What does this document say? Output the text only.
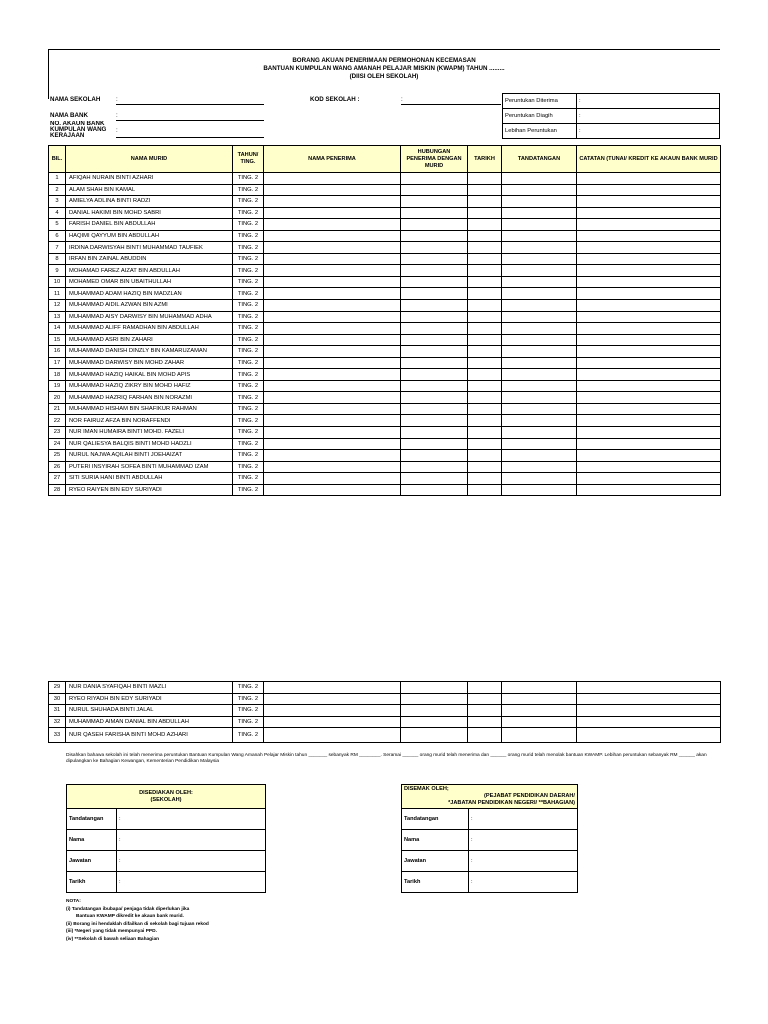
BORANG AKUAN PENERIMAAN PERMOHONAN KECEMASAN
BANTUAN KUMPULAN WANG AMANAH PELAJAR MISKIN (KWAPM) TAHUN .........
(DIISI OLEH SEKOLAH)
NAMA SEKOLAH	:	KOD SEKOLAH :	:
NAMA BANK	:
NO. AKAUN BANK KUMPULAN WANG KERAJAAN
:
Peruntukan Diterima	:
Peruntukan Diagih	:
Lebihan Peruntukan	:
BIL.	NAMA MURID	TAHUN/ TING.	NAMA PENERIMA	HUBUNGAN PENERIMA DENGAN MURID	TARIKH	TANDATANGAN	CATATAN (TUNAI/ KREDIT KE AKAUN BANK MURID
1	AFIQAH NURAIN BINTI AZHARI	TING. 2					
2	ALAM SHAH BIN KAMAL	TING. 2					
3	AMIELYA ADLINA BINTI RADZI	TING. 2					
4	DANIAL HAKIMI BIN MOHD SABRI	TING. 2					
5	FARISH DANIEL BIN ABDULLAH	TING. 2					
6	HAQIMI QAYYUM BIN ABDULLAH	TING. 2					
7	IRDINA DARWISYAH BINTI MUHAMMAD TAUFIEK	TING. 2					
8	IRFAN BIN ZAINAL ABUDDIN	TING. 2					
9	MOHAMAD FAREZ AIZAT BIN ABDULLAH	TING. 2					
10	MOHAMED OMAR BIN UBAITHULLAH	TING. 2					
11	MUHAMMAD ADAM HAZIQ BIN MADZLAN	TING. 2					
12	MUHAMMAD AIDIL AZWAN BIN AZMI	TING. 2					
13	MUHAMMAD AISY DARWISY BIN MUHAMMAD ADHA	TING. 2					
14	MUHAMMAD ALIFF RAMADHAN BIN ABDULLAH	TING. 2					
15	MUHAMMAD ASRI BIN ZAHARI	TING. 2					
16	MUHAMMAD DANISH DINZLY BIN KAMARUZAMAN	TING. 2					
17	MUHAMMAD DARWISY BIN MOHD ZAHAR	TING. 2					
18	MUHAMMAD HAZIQ HAIKAL BIN MOHD APIS	TING. 2					
19	MUHAMMAD HAZIQ ZIKRY BIN MOHD HAFIZ	TING. 2					
20	MUHAMMAD HAZRIQ FARHAN BIN NORAZMI	TING. 2					
21	MUHAMMAD HISHAM BIN SHAFIKUR RAHMAN	TING. 2					
22	NOR FAIRUZ AFZA BIN NORAFFENDI	TING. 2					
23	NUR IMAN HUMAIRA BINTI MOHD. FAZELI	TING. 2					
24	NUR QALIESYA BALQIS BINTI MOHD HADZLI	TING. 2					
25	NURUL NAJWA AQILAH BINTI JOEHAIZAT	TING. 2					
26	PUTERI INSYIRAH SOFEA BINTI MUHAMMAD IZAM	TING. 2					
27	SITI SURIA HANI BINTI ABDULLAH	TING. 2					
28	RYEO RAIYEN BIN EDY SURIYADI	TING. 2					
29	NUR DANIA SYAFIQAH BINTI MAZLI	TING. 2					
30	RYEO RIYADH BIN EDY SURIYADI	TING. 2					
31	NURUL SHUHADA BINTI JALAL	TING. 2					
32	MUHAMMAD AIMAN DANIAL BIN ABDULLAH	TING. 2					
33	NUR QASEH FARISHA BINTI MOHD AZHARI	TING. 2					
Disahkan bahawa sekolah ini telah menerima peruntukan Bantuan Kumpulan Wang Amanah Pelajar Miskin tahun _______ sebanyak RM ________. Seramai ______ orang murid telah menerima dan ______ orang murid telah menolak bantuan KWAMP. Lebihan peruntukan sebanyak RM ______ akan dipulangkan ke Bahagian Kewangan, Kementerian Pendidikan Malaysia
DISEDIAKAN OLEH:
(SEKOLAH)	

Tandatangan	:
Nama	:
Jawatan	:
Tarikh	:
DISEMAK OLEH;
(PEJABAT PENDIDIKAN DAERAH/
*JABATAN PENDIDIKAN NEGERI/ **BAHAGIAN)	

Tandatangan	:
Nama	:
Jawatan	:
Tarikh	:
NOTA:
(i) Tandatangan ibubapa/ penjaga tidak diperlukan jika
Bantuan KWAMP dikredit ke akaun bank murid.
(ii) Borang ini hendaklah difailkan di sekolah bagi tujuan rekod
(iii) *Negeri yang tidak mempunyai PPD.
(iv) **Sekolah di bawah seliaan Bahagian
